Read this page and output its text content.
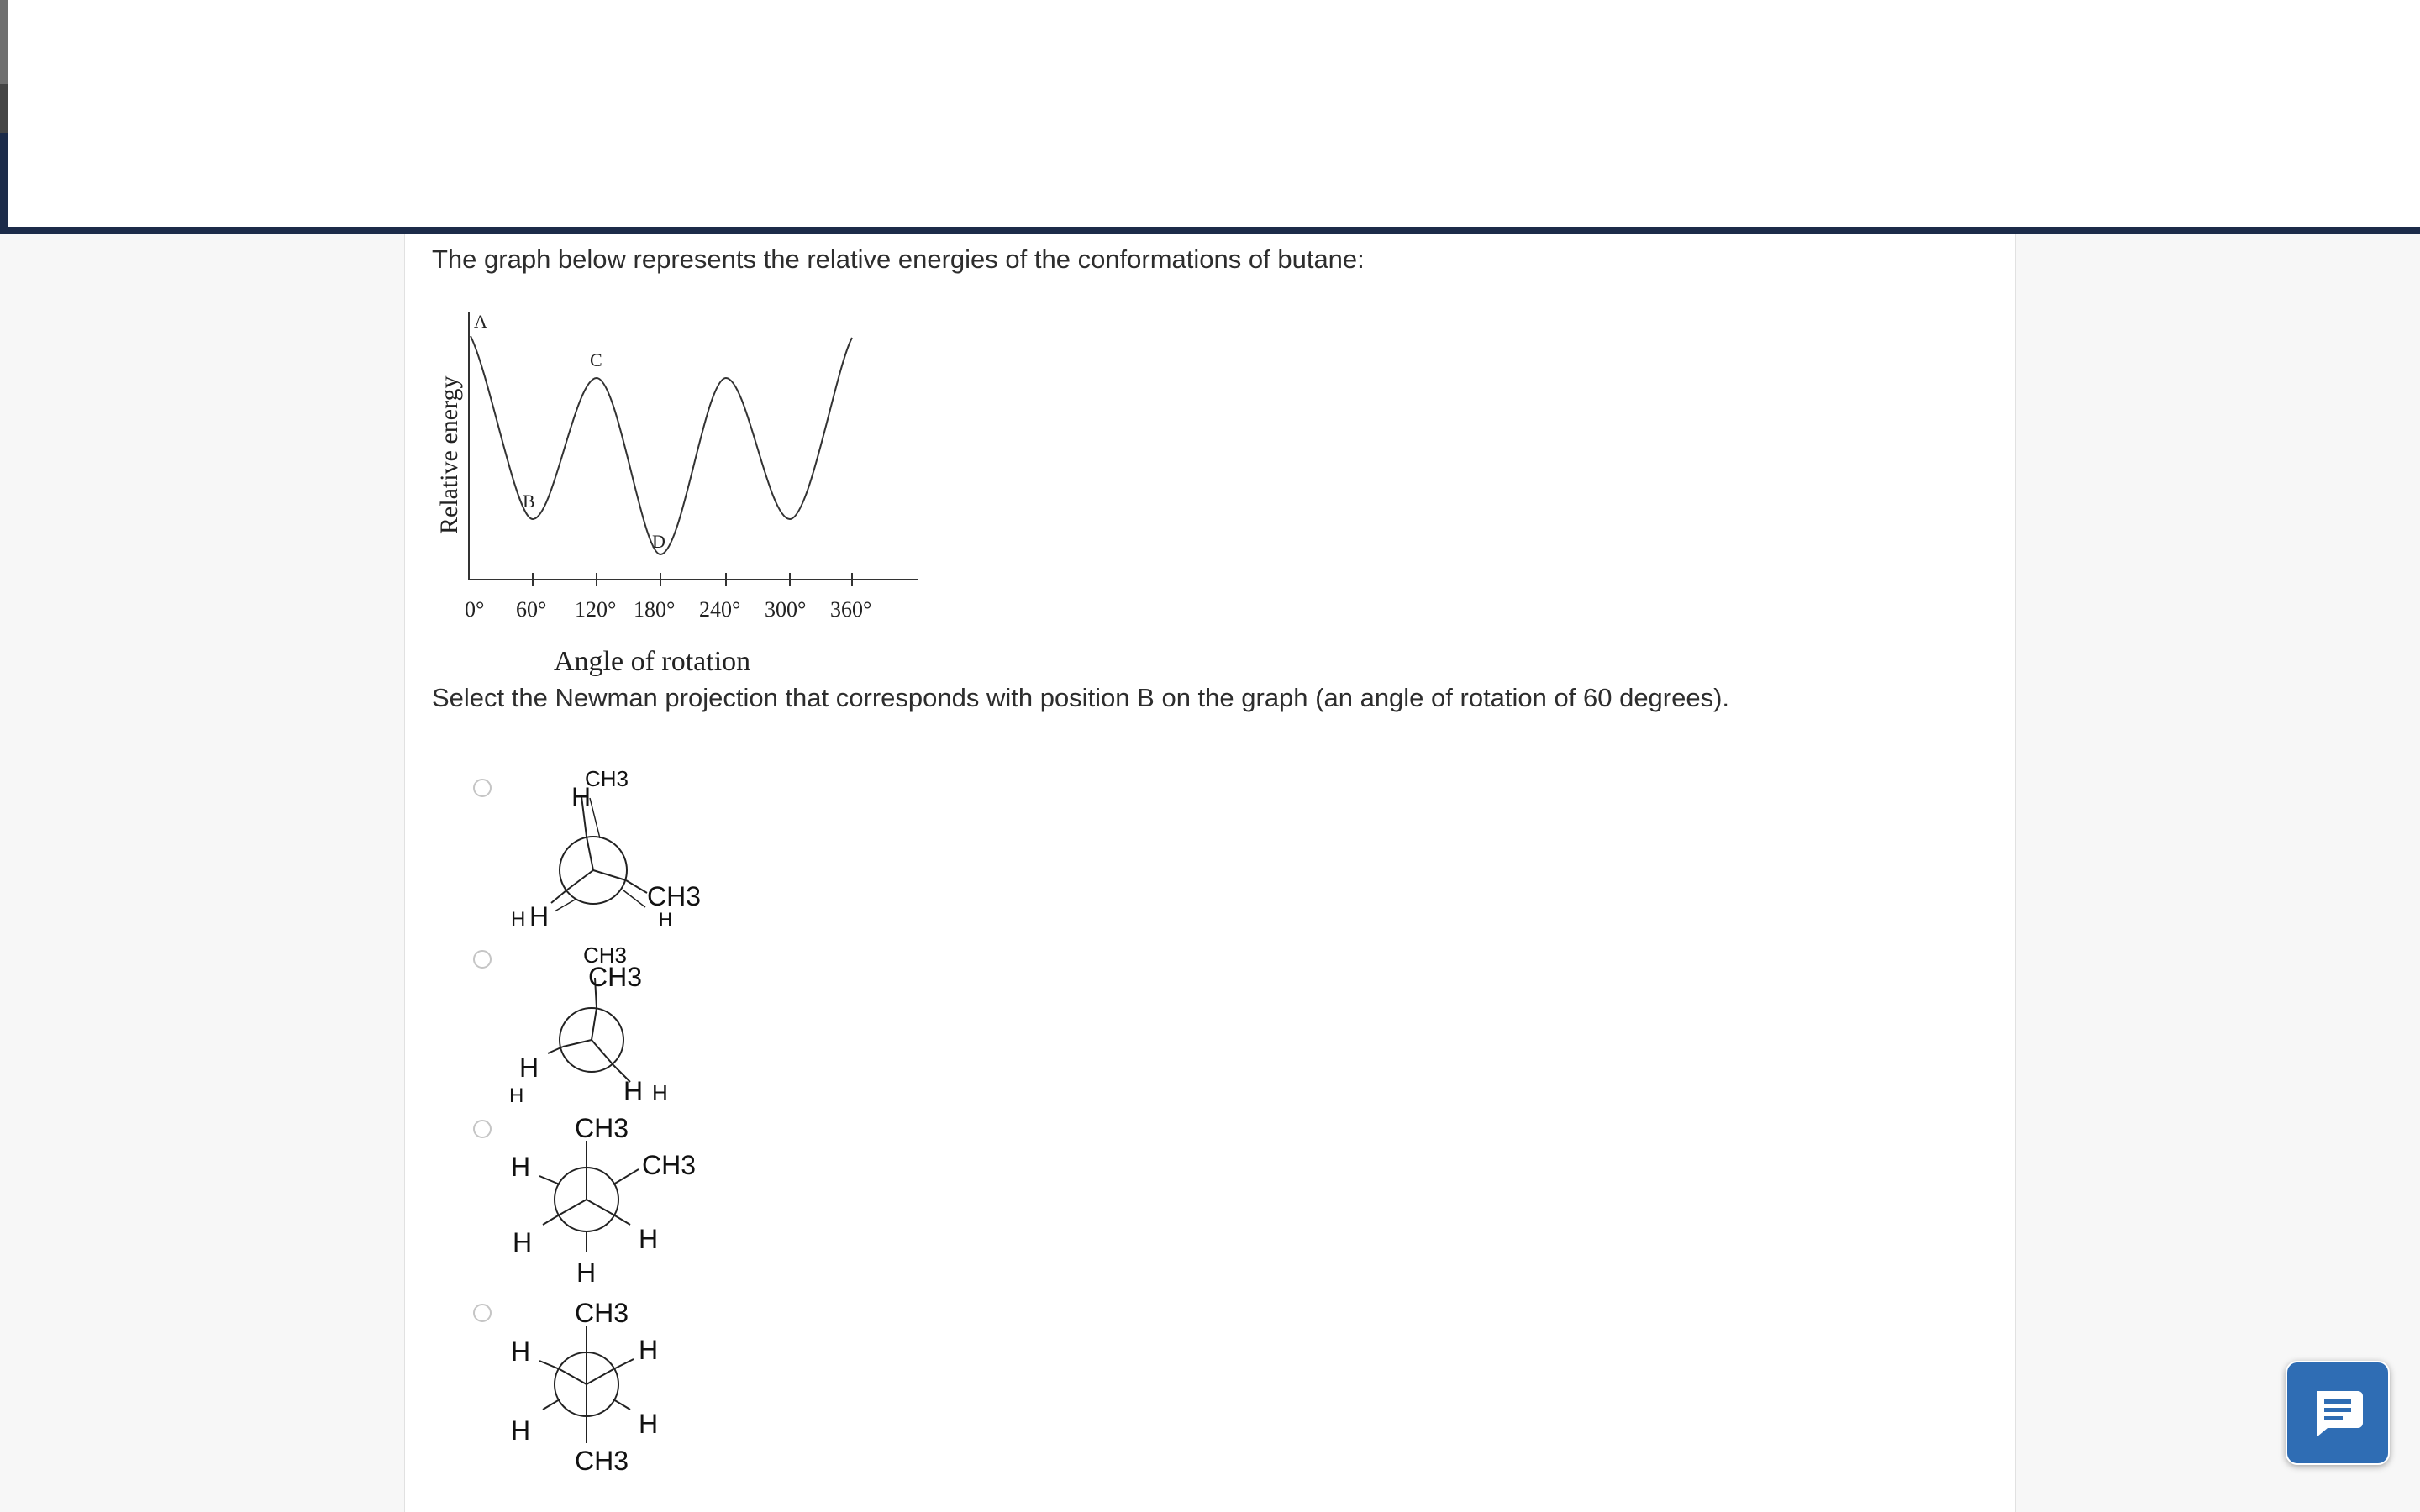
The graph below represents the relative energies of the conformations of butane:
Relative energy
A
B
C
D
0° 60° 120° 180° 240° 300° 360°
Angle of rotation
Select the Newman projection that corresponds with position B on the graph (an angle of rotation of 60 degrees).
CH3
H
CH3
H
H H
CH3
CH3
H
H	H H
CH3
H	CH3
H	H
H
CH3
H	H
H	H
CH3
